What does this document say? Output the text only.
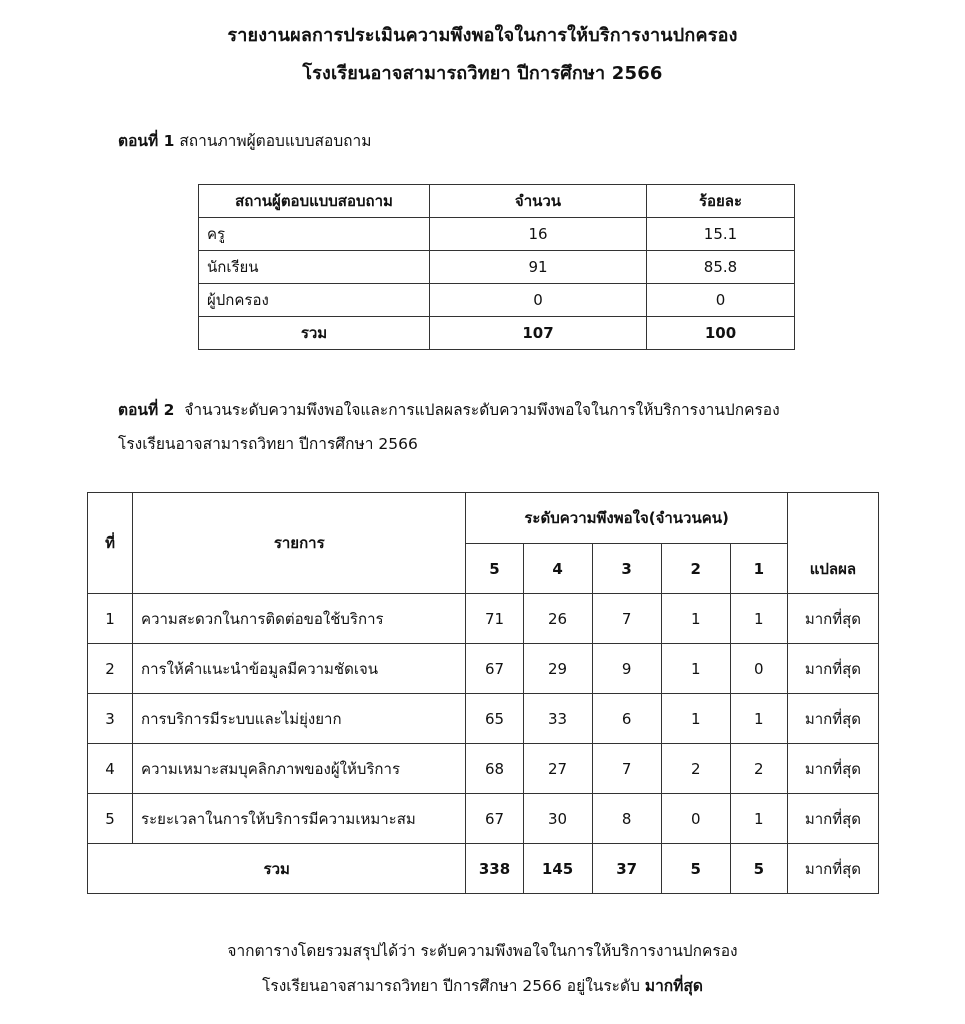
รายงานผลการประเมินความพึงพอใจในการให้บริการงานปกครอง
โรงเรียนอาจสามารถวิทยา ปีการศึกษา 2566
ตอนที่ 1 สถานภาพผู้ตอบแบบสอบถาม
สถานผู้ตอบแบบสอบถาม	จำนวน	ร้อยละ
ครู	16	15.1
นักเรียน	91	85.8
ผู้ปกครอง	0	0
รวม	107	100
ตอนที่ 2 จำนวนระดับความพึงพอใจและการแปลผลระดับความพึงพอใจในการให้บริการงานปกครอง
โรงเรียนอาจสามารถวิทยา ปีการศึกษา 2566
ที่	รายการ	ระดับความพึงพอใจ(จำนวนคน)					แปลผล
		5	4	3	2	1	
1	ความสะดวกในการติดต่อขอใช้บริการ	71	26	7	1	1	มากที่สุด
2	การให้คำแนะนำข้อมูลมีความชัดเจน	67	29	9	1	0	มากที่สุด
3	การบริการมีระบบและไม่ยุ่งยาก	65	33	6	1	1	มากที่สุด
4	ความเหมาะสมบุคลิกภาพของผู้ให้บริการ	68	27	7	2	2	มากที่สุด
5	ระยะเวลาในการให้บริการมีความเหมาะสม	67	30	8	0	1	มากที่สุด
รวม		338	145	37	5	5	มากที่สุด
จากตารางโดยรวมสรุปได้ว่า ระดับความพึงพอใจในการให้บริการงานปกครอง
โรงเรียนอาจสามารถวิทยา ปีการศึกษา 2566 อยู่ในระดับ มากที่สุด
